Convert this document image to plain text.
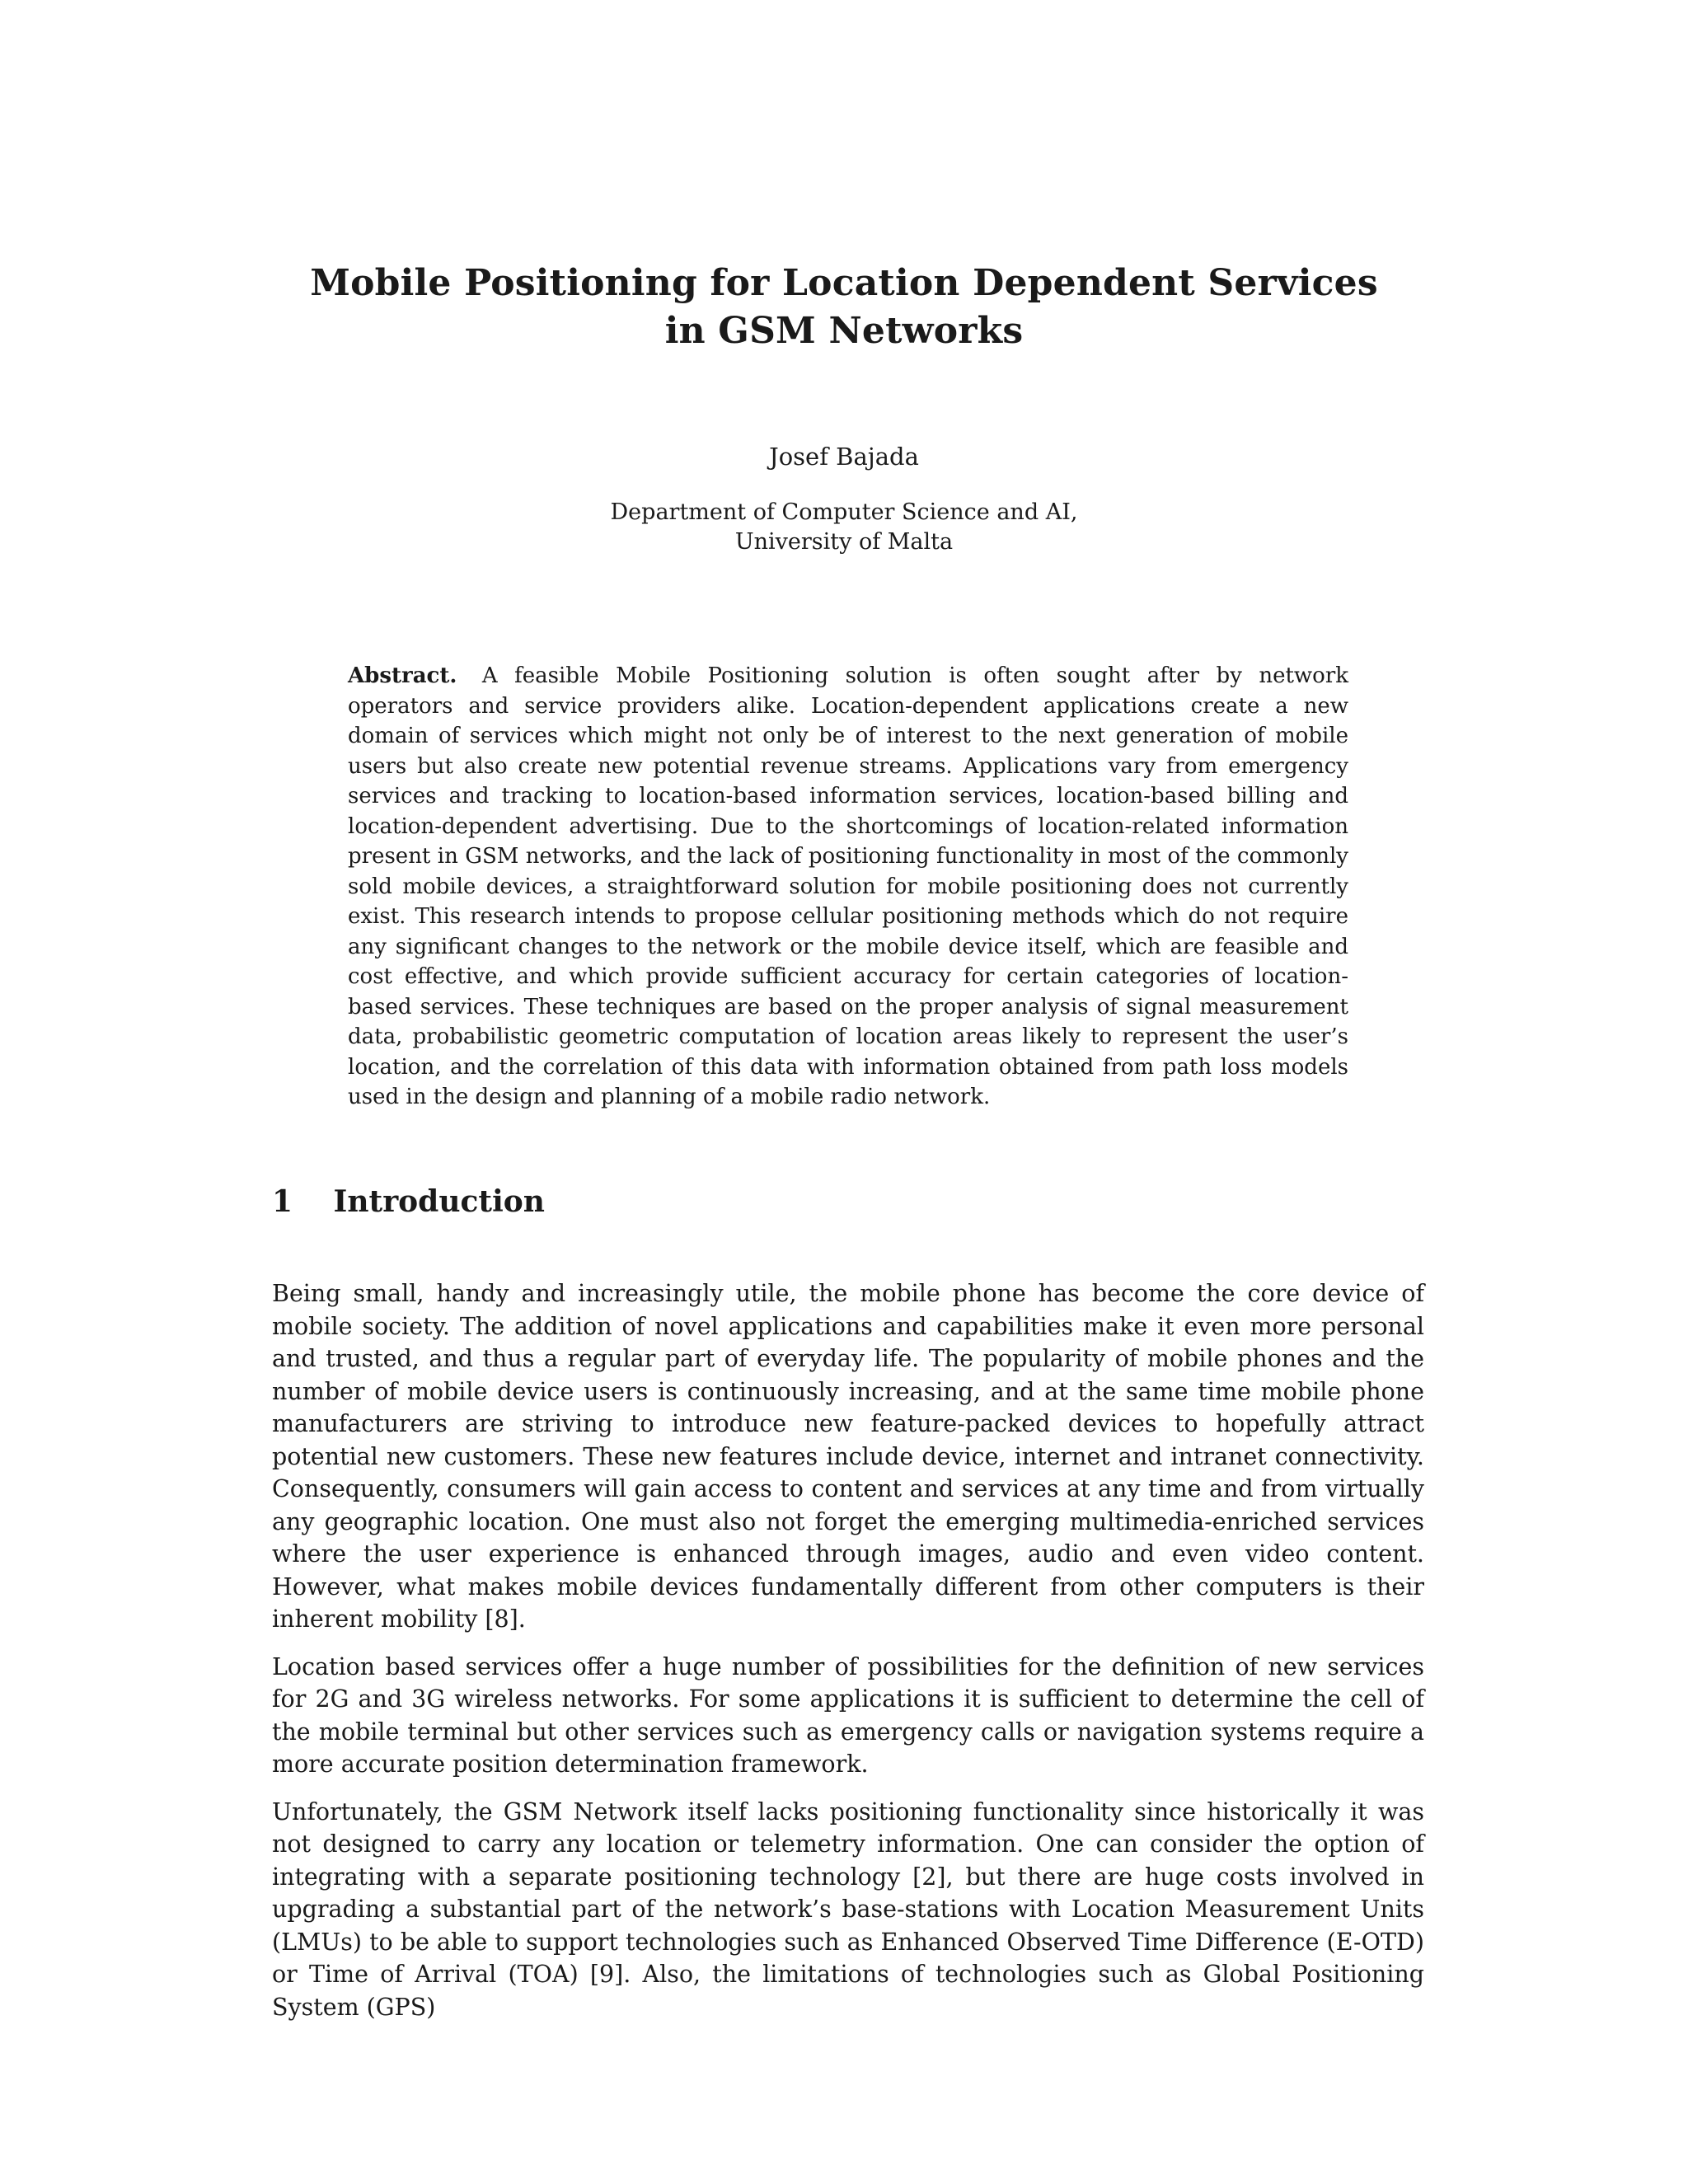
Mobile Positioning for Location Dependent Services
in GSM Networks
Josef Bajada
Department of Computer Science and AI,
University of Malta
Abstract. A feasible Mobile Positioning solution is often sought after by network operators and service providers alike. Location-dependent applications create a new domain of services which might not only be of interest to the next generation of mobile users but also create new potential revenue streams. Applications vary from emergency services and tracking to location-based information services, location-based billing and location-dependent advertising. Due to the shortcomings of location-related information present in GSM networks, and the lack of positioning functionality in most of the commonly sold mobile devices, a straightforward solution for mobile positioning does not currently exist. This research intends to propose cellular positioning methods which do not require any significant changes to the network or the mobile device itself, which are feasible and cost effective, and which provide sufficient accuracy for certain categories of location-based services. These techniques are based on the proper analysis of signal measurement data, probabilistic geometric computation of location areas likely to represent the user’s location, and the correlation of this data with information obtained from path loss models used in the design and planning of a mobile radio network.
1 Introduction

Being small, handy and increasingly utile, the mobile phone has become the core device of mobile society. The addition of novel applications and capabilities make it even more personal and trusted, and thus a regular part of everyday life. The popularity of mobile phones and the number of mobile device users is continuously increasing, and at the same time mobile phone manufacturers are striving to introduce new feature-packed devices to hopefully attract potential new customers. These new features include device, internet and intranet connectivity. Consequently, consumers will gain access to content and services at any time and from virtually any geographic location. One must also not forget the emerging multimedia-enriched services where the user experience is enhanced through images, audio and even video content. However, what makes mobile devices fundamentally different from other computers is their inherent mobility [8].

Location based services offer a huge number of possibilities for the definition of new services for 2G and 3G wireless networks. For some applications it is sufficient to determine the cell of the mobile terminal but other services such as emergency calls or navigation systems require a more accurate position determination framework.

Unfortunately, the GSM Network itself lacks positioning functionality since historically it was not designed to carry any location or telemetry information. One can consider the option of integrating with a separate positioning technology [2], but there are huge costs involved in upgrading a substantial part of the network’s base-stations with Location Measurement Units (LMUs) to be able to support technologies such as Enhanced Observed Time Difference (E-OTD) or Time of Arrival (TOA) [9]. Also, the limitations of technologies such as Global Positioning System (GPS)
